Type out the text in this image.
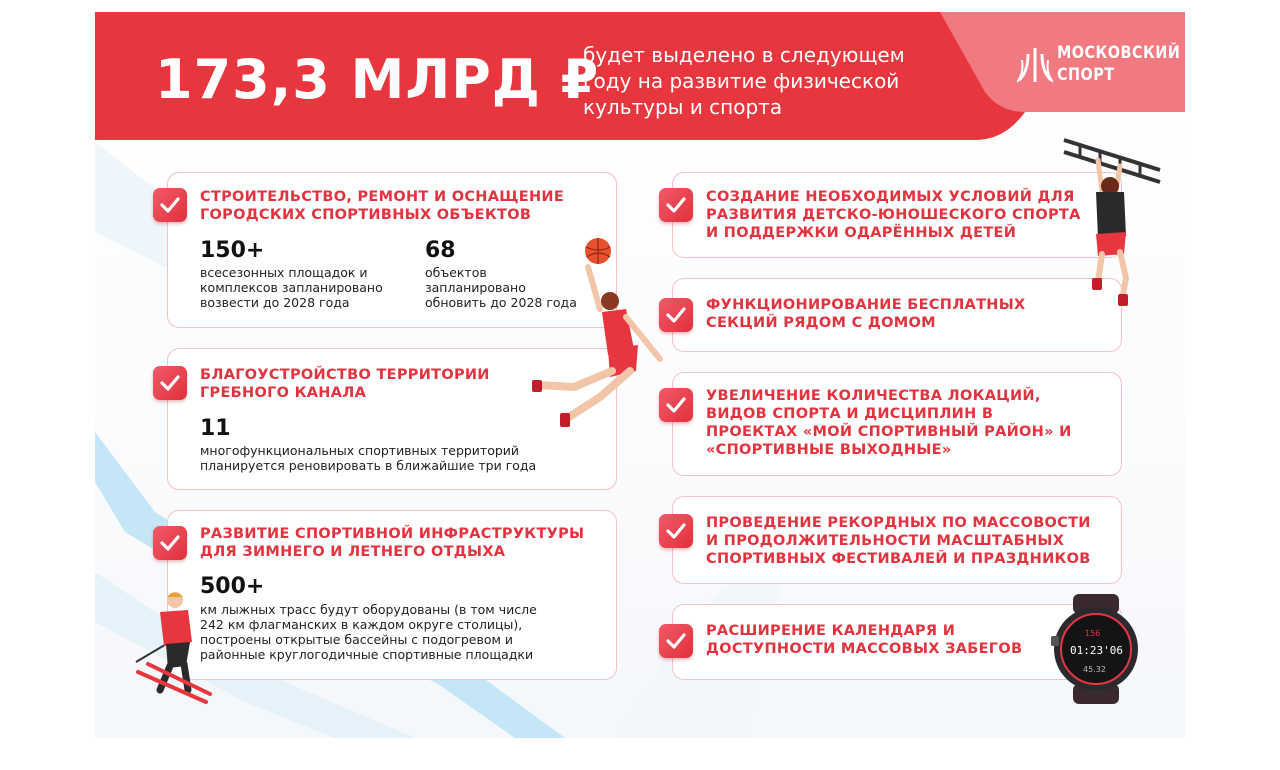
173,3 МЛРД ₽
будет выделено в следующем году на развитие физической культуры и спорта
МОСКОВСКИЙ
СПОРТ
СТРОИТЕЛЬСТВО, РЕМОНТ И ОСНАЩЕНИЕ ГОРОДСКИХ СПОРТИВНЫХ ОБЪЕКТОВ
150+
всесезонных площадок и комплексов запланировано возвести до 2028 года
68
объектов запланировано обновить до 2028 года
БЛАГОУСТРОЙСТВО ТЕРРИТОРИИ ГРЕБНОГО КАНАЛА
11
многофункциональных спортивных территорий планируется реновировать в ближайшие три года
РАЗВИТИЕ СПОРТИВНОЙ ИНФРАСТРУКТУРЫ ДЛЯ ЗИМНЕГО И ЛЕТНЕГО ОТДЫХА
500+
км лыжных трасс будут оборудованы (в том числе 242 км флагманских в каждом округе столицы), построены открытые бассейны с подогревом и районные круглогодичные спортивные площадки
СОЗДАНИЕ НЕОБХОДИМЫХ УСЛОВИЙ ДЛЯ РАЗВИТИЯ ДЕТСКО-ЮНОШЕСКОГО СПОРТА И ПОДДЕРЖКИ ОДАРЁННЫХ ДЕТЕЙ
ФУНКЦИОНИРОВАНИЕ БЕСПЛАТНЫХ СЕКЦИЙ РЯДОМ С ДОМОМ
УВЕЛИЧЕНИЕ КОЛИЧЕСТВА ЛОКАЦИЙ, ВИДОВ СПОРТА И ДИСЦИПЛИН В ПРОЕКТАХ «МОЙ СПОРТИВНЫЙ РАЙОН» И «СПОРТИВНЫЕ ВЫХОДНЫЕ»
ПРОВЕДЕНИЕ РЕКОРДНЫХ ПО МАССОВОСТИ И ПРОДОЛЖИТЕЛЬНОСТИ МАСШТАБНЫХ СПОРТИВНЫХ ФЕСТИВАЛЕЙ И ПРАЗДНИКОВ
РАСШИРЕНИЕ КАЛЕНДАРЯ И ДОСТУПНОСТИ МАССОВЫХ ЗАБЕГОВ
156
01:23'06
45.32
